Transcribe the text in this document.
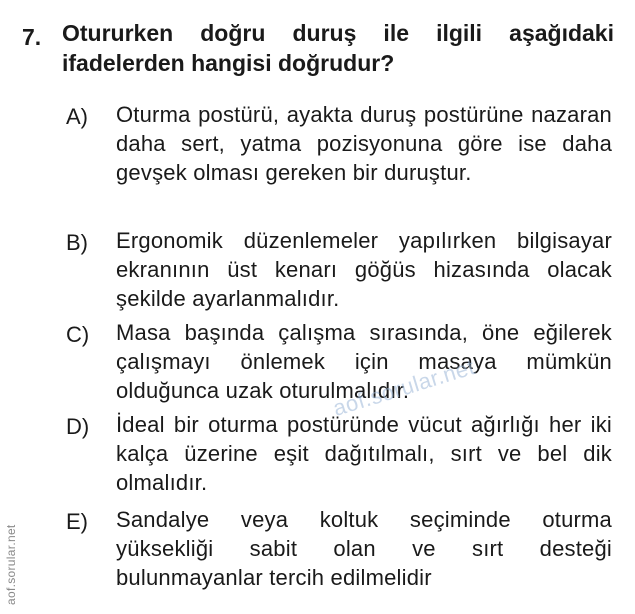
7. Otururken doğru duruş ile ilgili aşağıdaki ifadelerden hangisi doğrudur?
A) Oturma postürü, ayakta duruş postürüne nazaran daha sert, yatma pozisyonuna göre ise daha gevşek olması gereken bir duruştur.
B) Ergonomik düzenlemeler yapılırken bilgisayar ekranının üst kenarı göğüs hizasında olacak şekilde ayarlanmalıdır.
C) Masa başında çalışma sırasında, öne eğilerek çalışmayı önlemek için masaya mümkün olduğunca uzak oturulmalıdır.
D) İdeal bir oturma postüründe vücut ağırlığı her iki kalça üzerine eşit dağıtılmalı, sırt ve bel dik olmalıdır.
E) Sandalye veya koltuk seçiminde oturma yüksekliği sabit olan ve sırt desteği bulunmayanlar tercih edilmelidir
aof.sorular.net
aof.sorular.net
